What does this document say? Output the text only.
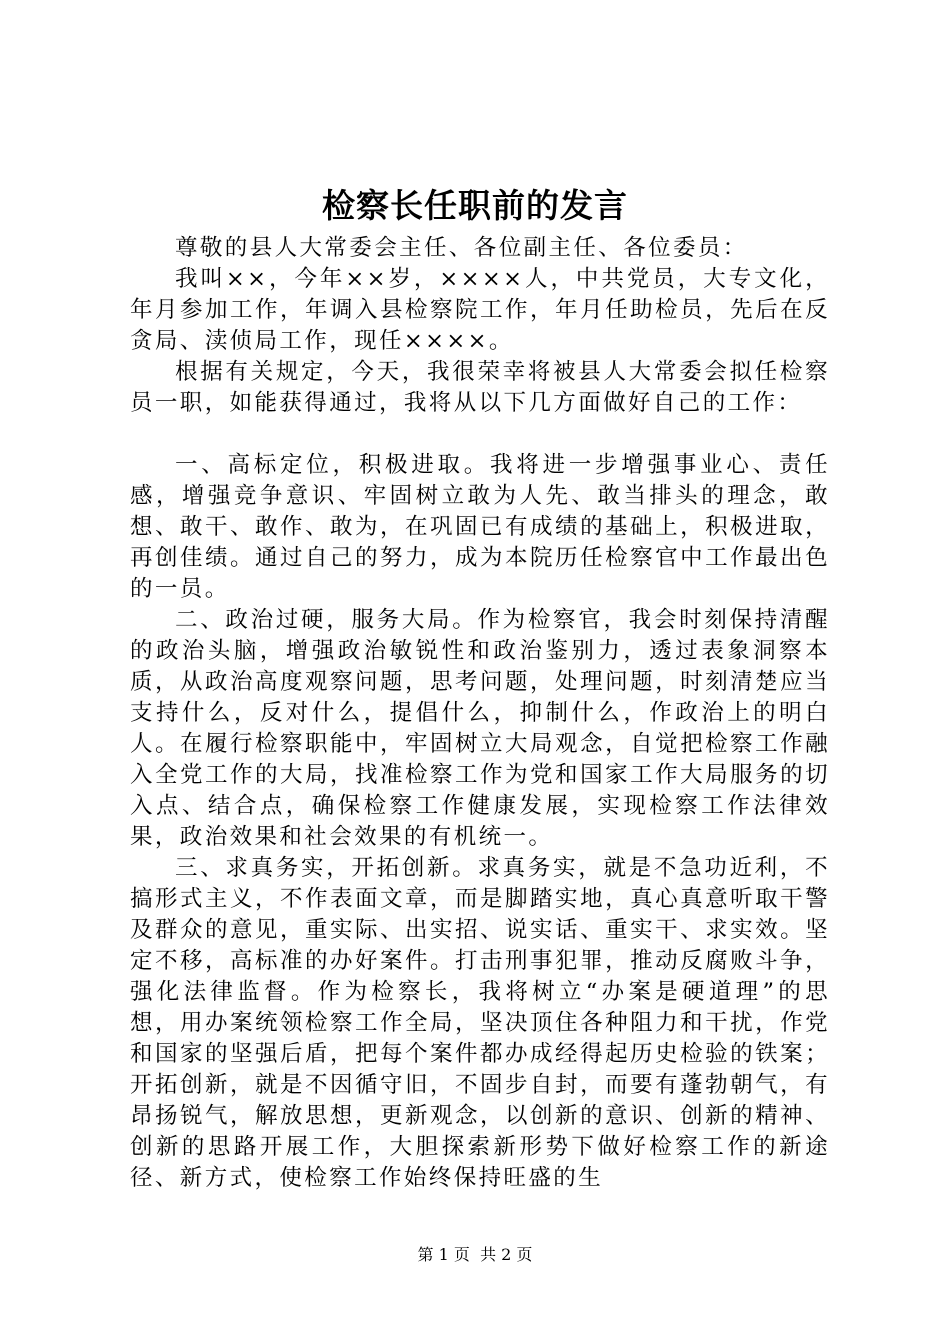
检察长任职前的发言

尊敬的县人大常委会主任、各位副主任、各位委员：

我叫××，今年××岁，××××人，中共党员，大专文化，年月参加工作，年调入县检察院工作，年月任助检员，先后在反贪局、渎侦局工作，现任××××。

根据有关规定，今天，我很荣幸将被县人大常委会拟任检察员一职，如能获得通过，我将从以下几方面做好自己的工作：

一、高标定位，积极进取。我将进一步增强事业心、责任感，增强竞争意识、牢固树立敢为人先、敢当排头的理念，敢想、敢干、敢作、敢为，在巩固已有成绩的基础上，积极进取，再创佳绩。通过自己的努力，成为本院历任检察官中工作最出色的一员。

二、政治过硬，服务大局。作为检察官，我会时刻保持清醒的政治头脑，增强政治敏锐性和政治鉴别力，透过表象洞察本质，从政治高度观察问题，思考问题，处理问题，时刻清楚应当支持什么，反对什么，提倡什么，抑制什么，作政治上的明白人。在履行检察职能中，牢固树立大局观念，自觉把检察工作融入全党工作的大局，找准检察工作为党和国家工作大局服务的切入点、结合点，确保检察工作健康发展，实现检察工作法律效果，政治效果和社会效果的有机统一。

三、求真务实，开拓创新。求真务实，就是不急功近利，不搞形式主义，不作表面文章，而是脚踏实地，真心真意听取干警及群众的意见，重实际、出实招、说实话、重实干、求实效。坚定不移，高标准的办好案件。打击刑事犯罪，推动反腐败斗争，强化法律监督。作为检察长，我将树立“办案是硬道理”的思想，用办案统领检察工作全局，坚决顶住各种阻力和干扰，作党和国家的坚强后盾，把每个案件都办成经得起历史检验的铁案；开拓创新，就是不因循守旧，不固步自封，而要有蓬勃朝气，有昂扬锐气，解放思想，更新观念，以创新的意识、创新的精神、创新的思路开展工作，大胆探索新形势下做好检察工作的新途径、新方式，使检察工作始终保持旺盛的生

第 1 页  共 2 页
